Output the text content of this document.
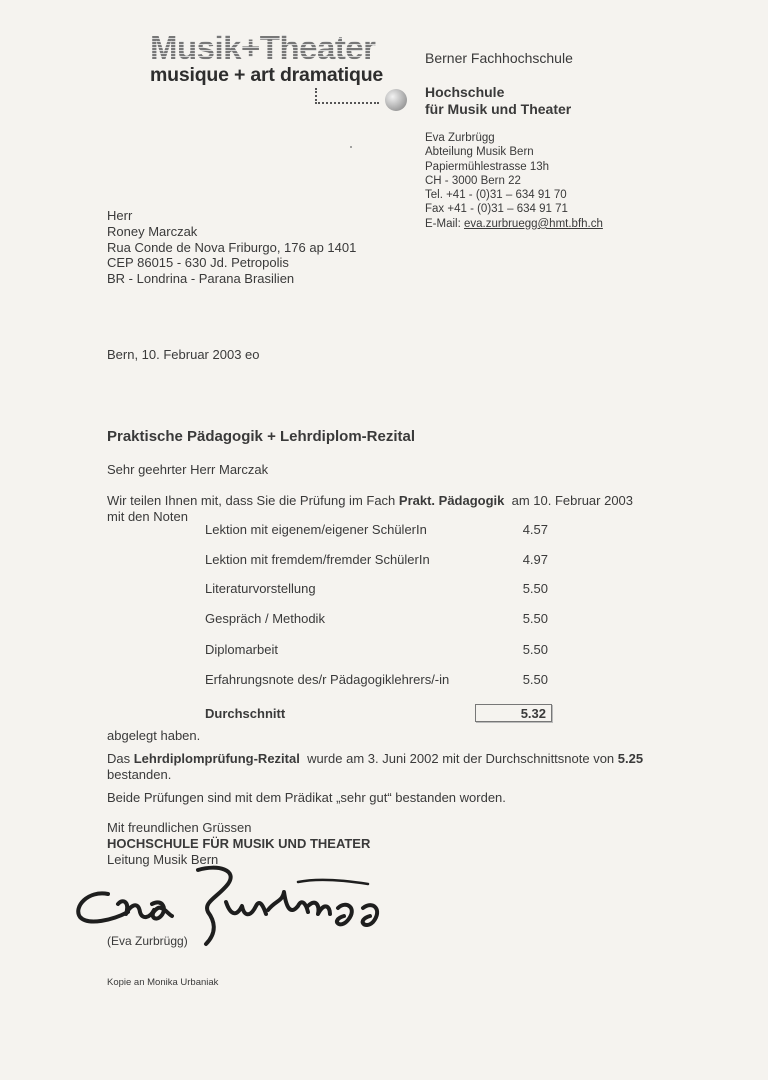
Musik+Theater
musique + art dramatique
Berner Fachhochschule
Hochschule
für Musik und Theater
Eva Zurbrügg
Abteilung Musik Bern
Papiermühlestrasse 13h
CH - 3000 Bern 22
Tel. +41 - (0)31 – 634 91 70
Fax +41 - (0)31 – 634 91 71
E-Mail: eva.zurbruegg@hmt.bfh.ch
Herr
Roney Marczak
Rua Conde de Nova Friburgo, 176 ap 1401
CEP 86015 - 630 Jd. Petropolis
BR - Londrina - Parana Brasilien
Bern, 10. Februar 2003 eo
Praktische Pädagogik + Lehrdiplom-Rezital
Sehr geehrter Herr Marczak
Wir teilen Ihnen mit, dass Sie die Prüfung im Fach Prakt. Pädagogik  am 10. Februar 2003
mit den Noten
Lektion mit eigenem/eigener SchülerIn	4.57
Lektion mit fremdem/fremder SchülerIn	4.97
Literaturvorstellung	5.50
Gespräch / Methodik	5.50
Diplomarbeit	5.50
Erfahrungsnote des/r Pädagogiklehrers/-in	5.50
Durchschnitt	5.32
abgelegt haben.
Das Lehrdiplomprüfung-Rezital  wurde am 3. Juni 2002 mit der Durchschnittsnote von 5.25
bestanden.
Beide Prüfungen sind mit dem Prädikat „sehr gut“ bestanden worden.
Mit freundlichen Grüssen
HOCHSCHULE FÜR MUSIK UND THEATER
Leitung Musik Bern
(Eva Zurbrügg)
Kopie an Monika Urbaniak
